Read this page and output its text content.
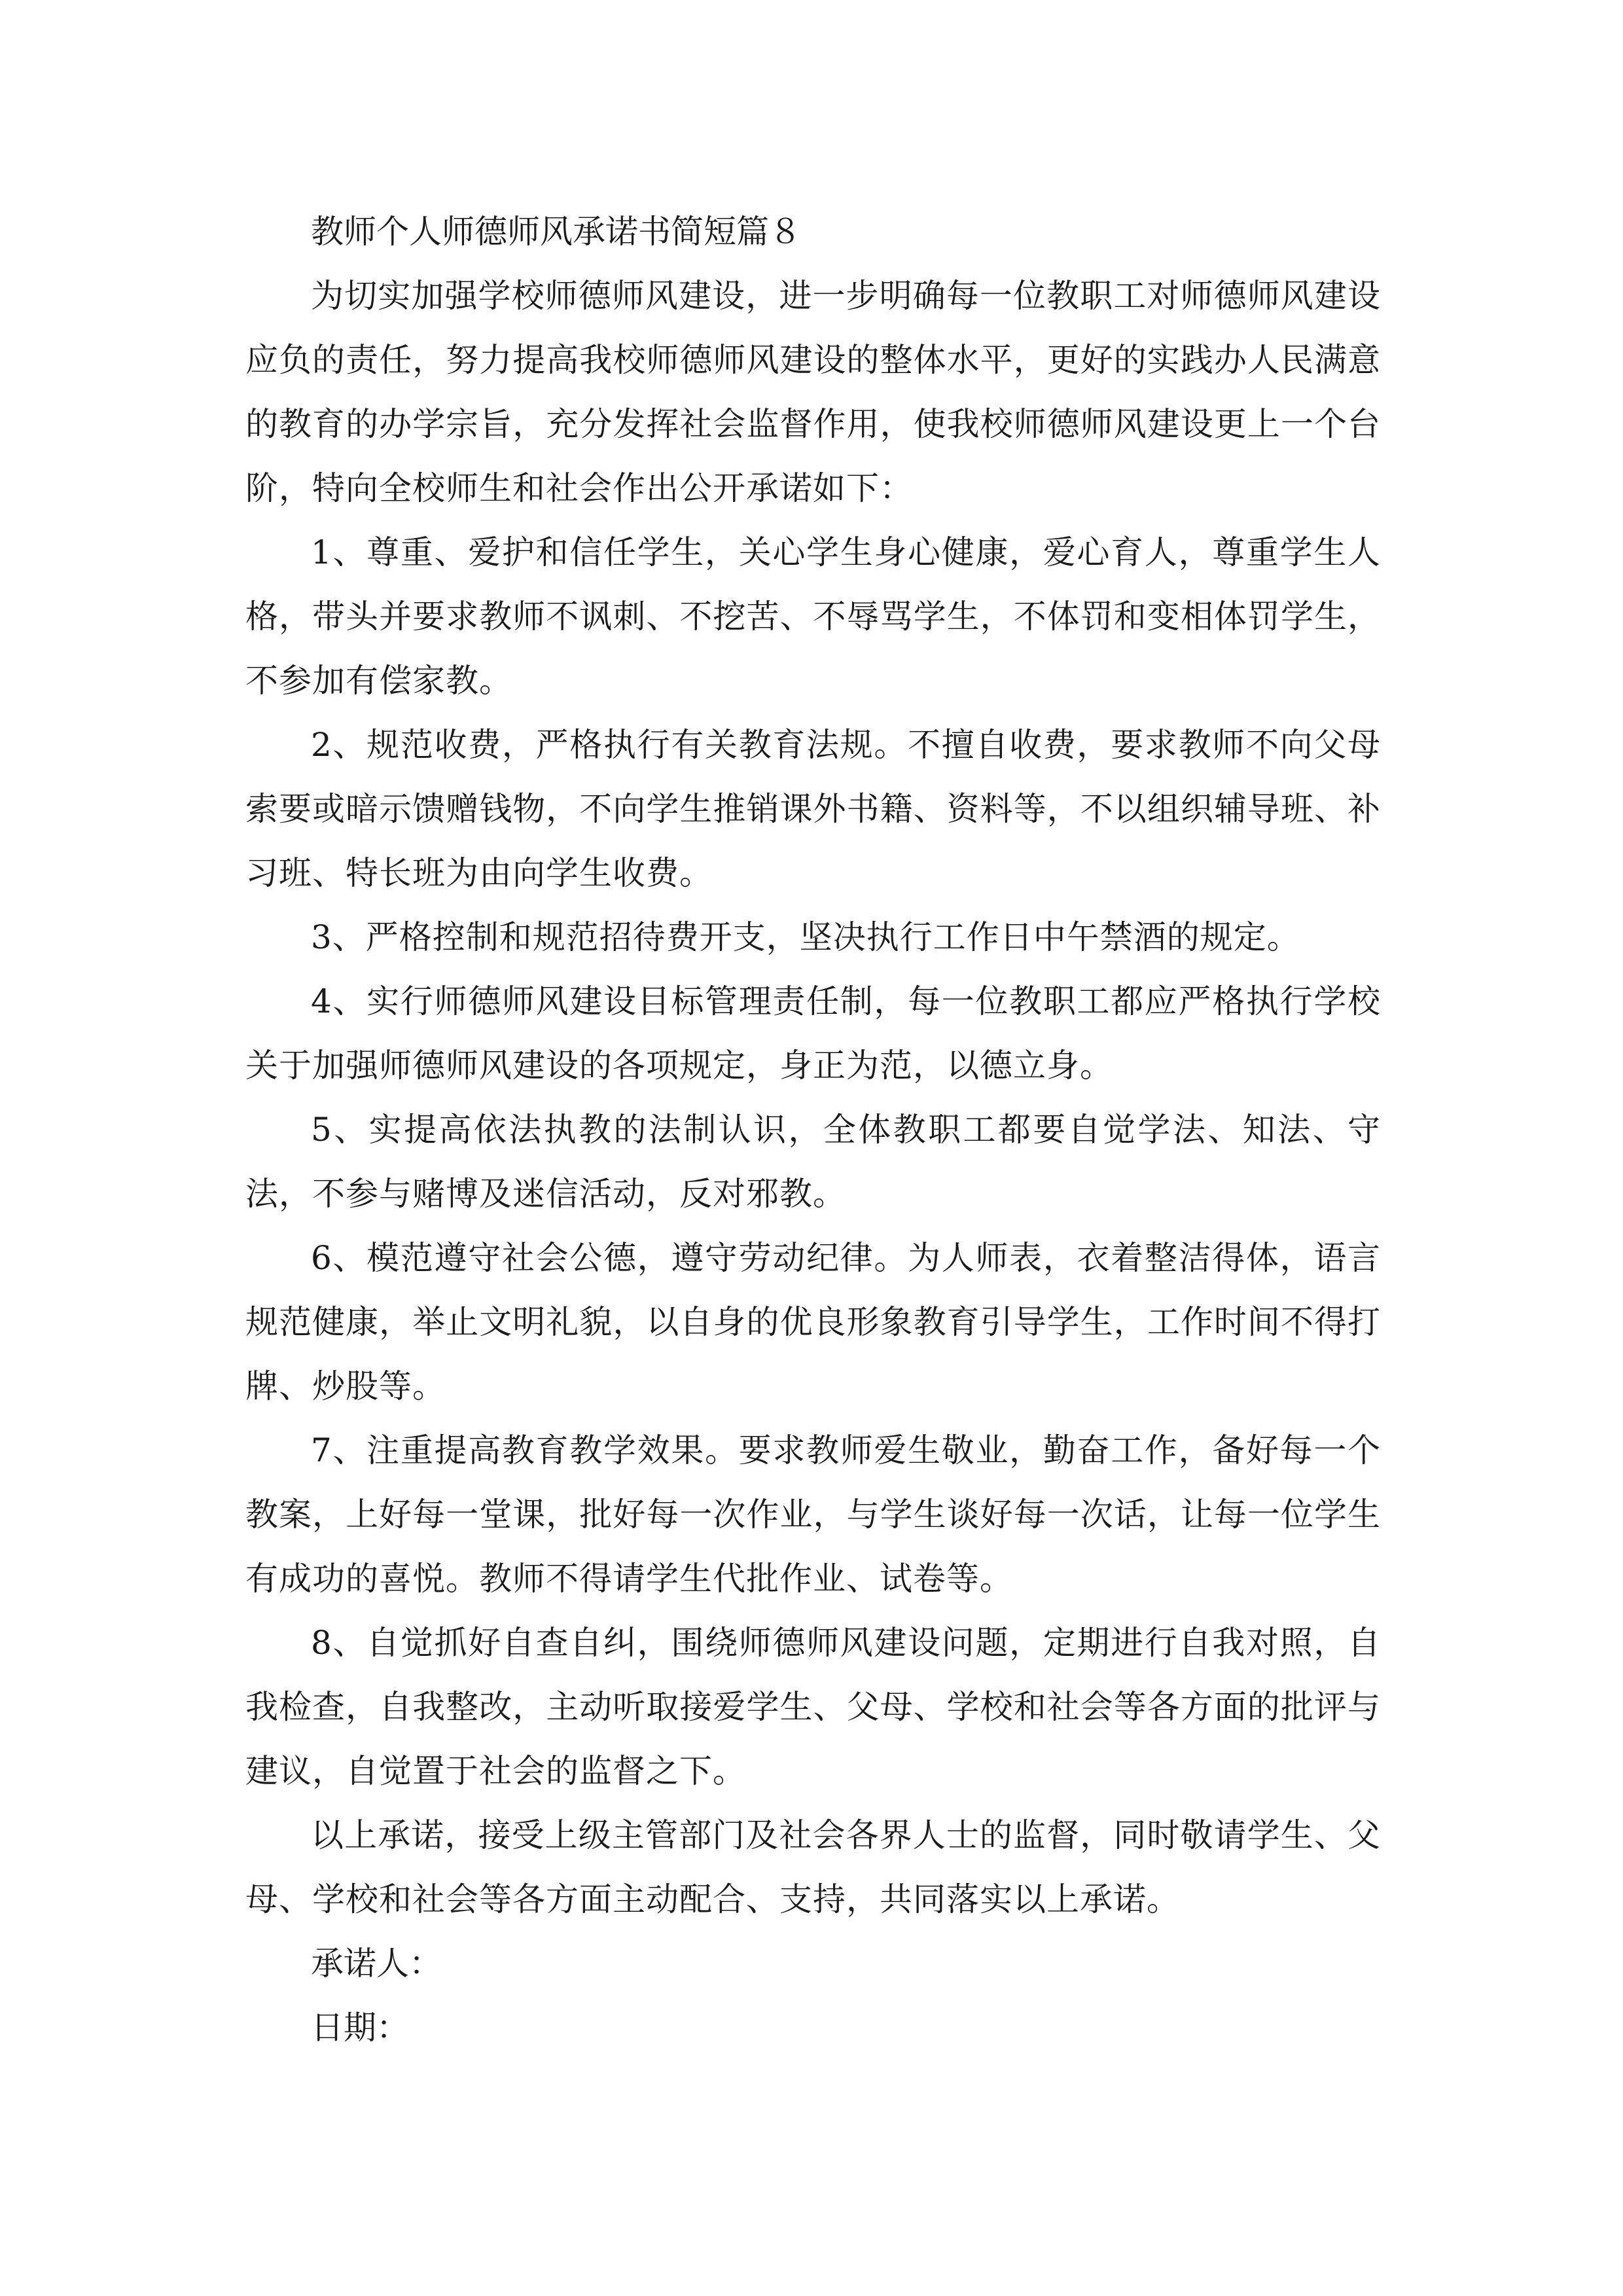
教师个人师德师风承诺书简短篇８

为切实加强学校师德师风建设，进一步明确每一位教职工对师德师风建设应负的责任，努力提高我校师德师风建设的整体水平，更好的实践办人民满意的教育的办学宗旨，充分发挥社会监督作用，使我校师德师风建设更上一个台阶，特向全校师生和社会作出公开承诺如下：

1、尊重、爱护和信任学生，关心学生身心健康，爱心育人，尊重学生人格，带头并要求教师不讽刺、不挖苦、不辱骂学生，不体罚和变相体罚学生，不参加有偿家教。

2、规范收费，严格执行有关教育法规。不擅自收费，要求教师不向父母索要或暗示馈赠钱物，不向学生推销课外书籍、资料等，不以组织辅导班、补习班、特长班为由向学生收费。

3、严格控制和规范招待费开支，坚决执行工作日中午禁酒的规定。

4、实行师德师风建设目标管理责任制，每一位教职工都应严格执行学校关于加强师德师风建设的各项规定，身正为范，以德立身。

5、实提高依法执教的法制认识，全体教职工都要自觉学法、知法、守法，不参与赌博及迷信活动，反对邪教。

6、模范遵守社会公德，遵守劳动纪律。为人师表，衣着整洁得体，语言规范健康，举止文明礼貌，以自身的优良形象教育引导学生，工作时间不得打牌、炒股等。

7、注重提高教育教学效果。要求教师爱生敬业，勤奋工作，备好每一个教案，上好每一堂课，批好每一次作业，与学生谈好每一次话，让每一位学生有成功的喜悦。教师不得请学生代批作业、试卷等。

8、自觉抓好自查自纠，围绕师德师风建设问题，定期进行自我对照，自我检查，自我整改，主动听取接爱学生、父母、学校和社会等各方面的批评与建议，自觉置于社会的监督之下。

以上承诺，接受上级主管部门及社会各界人士的监督，同时敬请学生、父母、学校和社会等各方面主动配合、支持，共同落实以上承诺。

承诺人：

日期：
